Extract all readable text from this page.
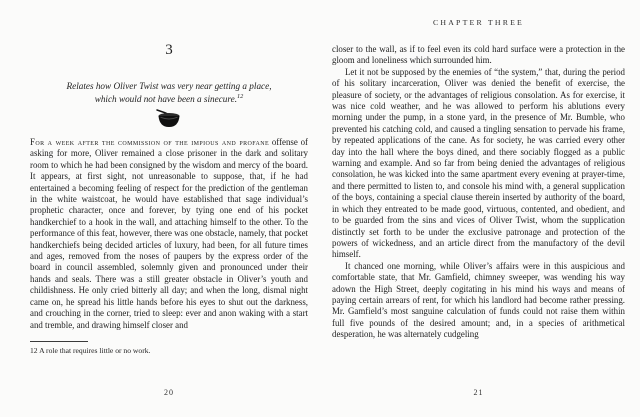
3
Relates how Oliver Twist was very near getting a place,
which would not have been a sinecure.$^{12}$

For a week after the commission of the impious and profane offense of asking for more, Oliver remained a close prisoner in the dark and solitary room to which he had been consigned by the wisdom and mercy of the board. It appears, at first sight, not unreasonable to suppose, that, if he had entertained a becoming feeling of respect for the prediction of the gentleman in the white waistcoat, he would have established that sage individual’s prophetic character, once and forever, by tying one end of his pocket handkerchief to a hook in the wall, and attaching himself to the other. To the performance of this feat, however, there was one obstacle, namely, that pocket handkerchiefs being decided articles of luxury, had been, for all future times and ages, removed from the noses of paupers by the express order of the board in council assembled, solemnly given and pronounced under their hands and seals. There was a still greater obstacle in Oliver’s youth and childishness. He only cried bitterly all day; and when the long, dismal night came on, he spread his little hands before his eyes to shut out the darkness, and crouching in the corner, tried to sleep: ever and anon waking with a start and tremble, and drawing himself closer and

12 A role that requires little or no work.
20
CHAPTER THREE

closer to the wall, as if to feel even its cold hard surface were a protection in the gloom and loneliness which surrounded him.

Let it not be supposed by the enemies of “the system,” that, during the period of his solitary incarceration, Oliver was denied the benefit of exercise, the pleasure of society, or the advantages of religious consolation. As for exercise, it was nice cold weather, and he was allowed to perform his ablutions every morning under the pump, in a stone yard, in the presence of Mr. Bumble, who prevented his catching cold, and caused a tingling sensation to pervade his frame, by repeated applications of the cane. As for society, he was carried every other day into the hall where the boys dined, and there sociably flogged as a public warning and example. And so far from being denied the advantages of religious consolation, he was kicked into the same apartment every evening at prayer-time, and there permitted to listen to, and console his mind with, a general supplication of the boys, containing a special clause therein inserted by authority of the board, in which they entreated to be made good, virtuous, contented, and obedient, and to be guarded from the sins and vices of Oliver Twist, whom the supplication distinctly set forth to be under the exclusive patronage and protection of the powers of wickedness, and an article direct from the manufactory of the devil himself.

It chanced one morning, while Oliver’s affairs were in this auspicious and comfortable state, that Mr. Gamfield, chimney sweeper, was wending his way adown the High Street, deeply cogitating in his mind his ways and means of paying certain arrears of rent, for which his landlord had become rather pressing. Mr. Gamfield’s most sanguine calculation of funds could not raise them within full five pounds of the desired amount; and, in a species of arithmetical desperation, he was alternately cudgeling

21
